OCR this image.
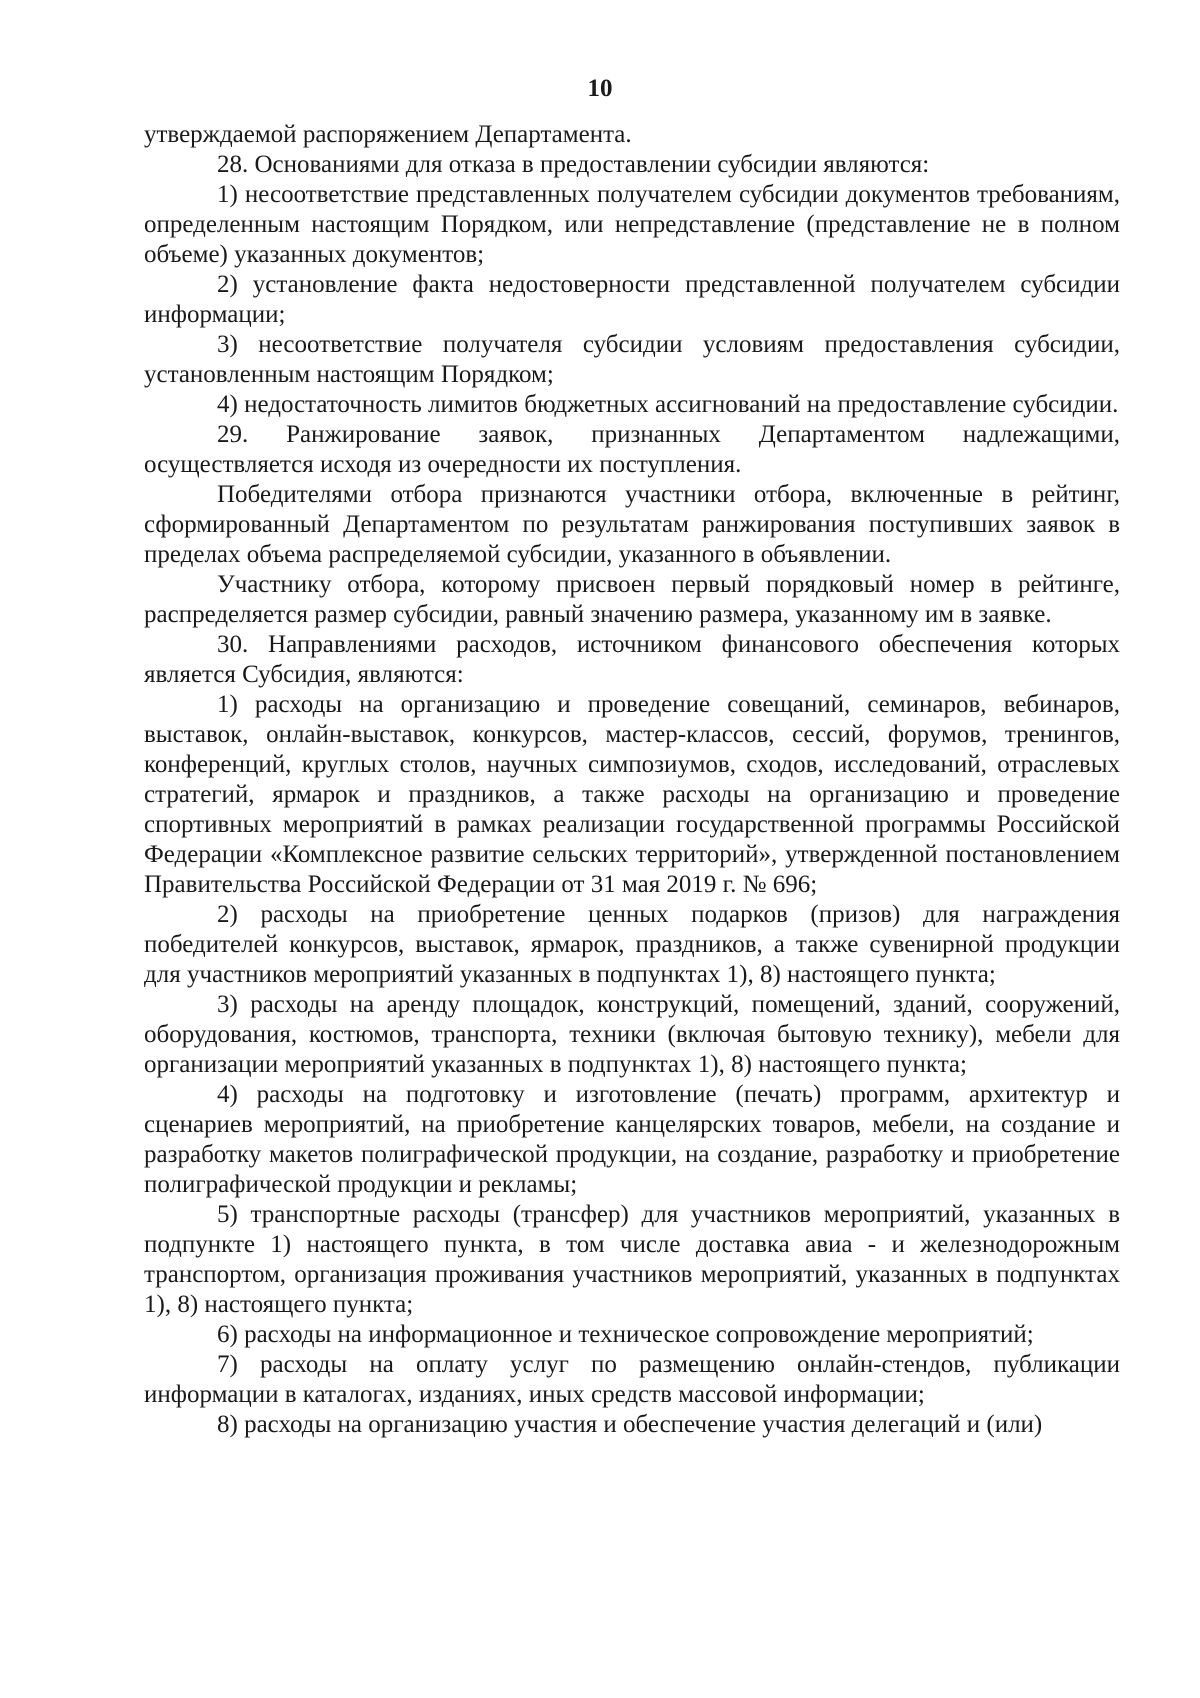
10

утверждаемой распоряжением Департамента.

28. Основаниями для отказа в предоставлении субсидии являются:

1) несоответствие представленных получателем субсидии документов требованиям, определенным настоящим Порядком, или непредставление (представление не в полном объеме) указанных документов;

2) установление факта недостоверности представленной получателем субсидии информации;

3) несоответствие получателя субсидии условиям предоставления субсидии, установленным настоящим Порядком;

4) недостаточность лимитов бюджетных ассигнований на предоставление субсидии.

29. Ранжирование заявок, признанных Департаментом надлежащими, осуществляется исходя из очередности их поступления.

Победителями отбора признаются участники отбора, включенные в рейтинг, сформированный Департаментом по результатам ранжирования поступивших заявок в пределах объема распределяемой субсидии, указанного в объявлении.

Участнику отбора, которому присвоен первый порядковый номер в рейтинге, распределяется размер субсидии, равный значению размера, указанному им в заявке.

30. Направлениями расходов, источником финансового обеспечения которых является Субсидия, являются:

1) расходы на организацию и проведение совещаний, семинаров, вебинаров, выставок, онлайн-выставок, конкурсов, мастер-классов, сессий, форумов, тренингов, конференций, круглых столов, научных симпозиумов, сходов, исследований, отраслевых стратегий, ярмарок и праздников, а также расходы на организацию и проведение спортивных мероприятий в рамках реализации государственной программы Российской Федерации «Комплексное развитие сельских территорий», утвержденной постановлением Правительства Российской Федерации от 31 мая 2019 г. № 696;

2) расходы на приобретение ценных подарков (призов) для награждения победителей конкурсов, выставок, ярмарок, праздников, а также сувенирной продукции для участников мероприятий указанных в подпунктах 1), 8) настоящего пункта;

3) расходы на аренду площадок, конструкций, помещений, зданий, сооружений, оборудования, костюмов, транспорта, техники (включая бытовую технику), мебели для организации мероприятий указанных в подпунктах 1), 8) настоящего пункта;

4) расходы на подготовку и изготовление (печать) программ, архитектур и сценариев мероприятий, на приобретение канцелярских товаров, мебели, на создание и разработку макетов полиграфической продукции, на создание, разработку и приобретение полиграфической продукции и рекламы;

5) транспортные расходы (трансфер) для участников мероприятий, указанных в подпункте 1) настоящего пункта, в том числе доставка авиа - и железнодорожным транспортом, организация проживания участников мероприятий, указанных в подпунктах 1), 8) настоящего пункта;

6) расходы на информационное и техническое сопровождение мероприятий;

7) расходы на оплату услуг по размещению онлайн-стендов, публикации информации в каталогах, изданиях, иных средств массовой информации;

8) расходы на организацию участия и обеспечение участия делегаций и (или)
